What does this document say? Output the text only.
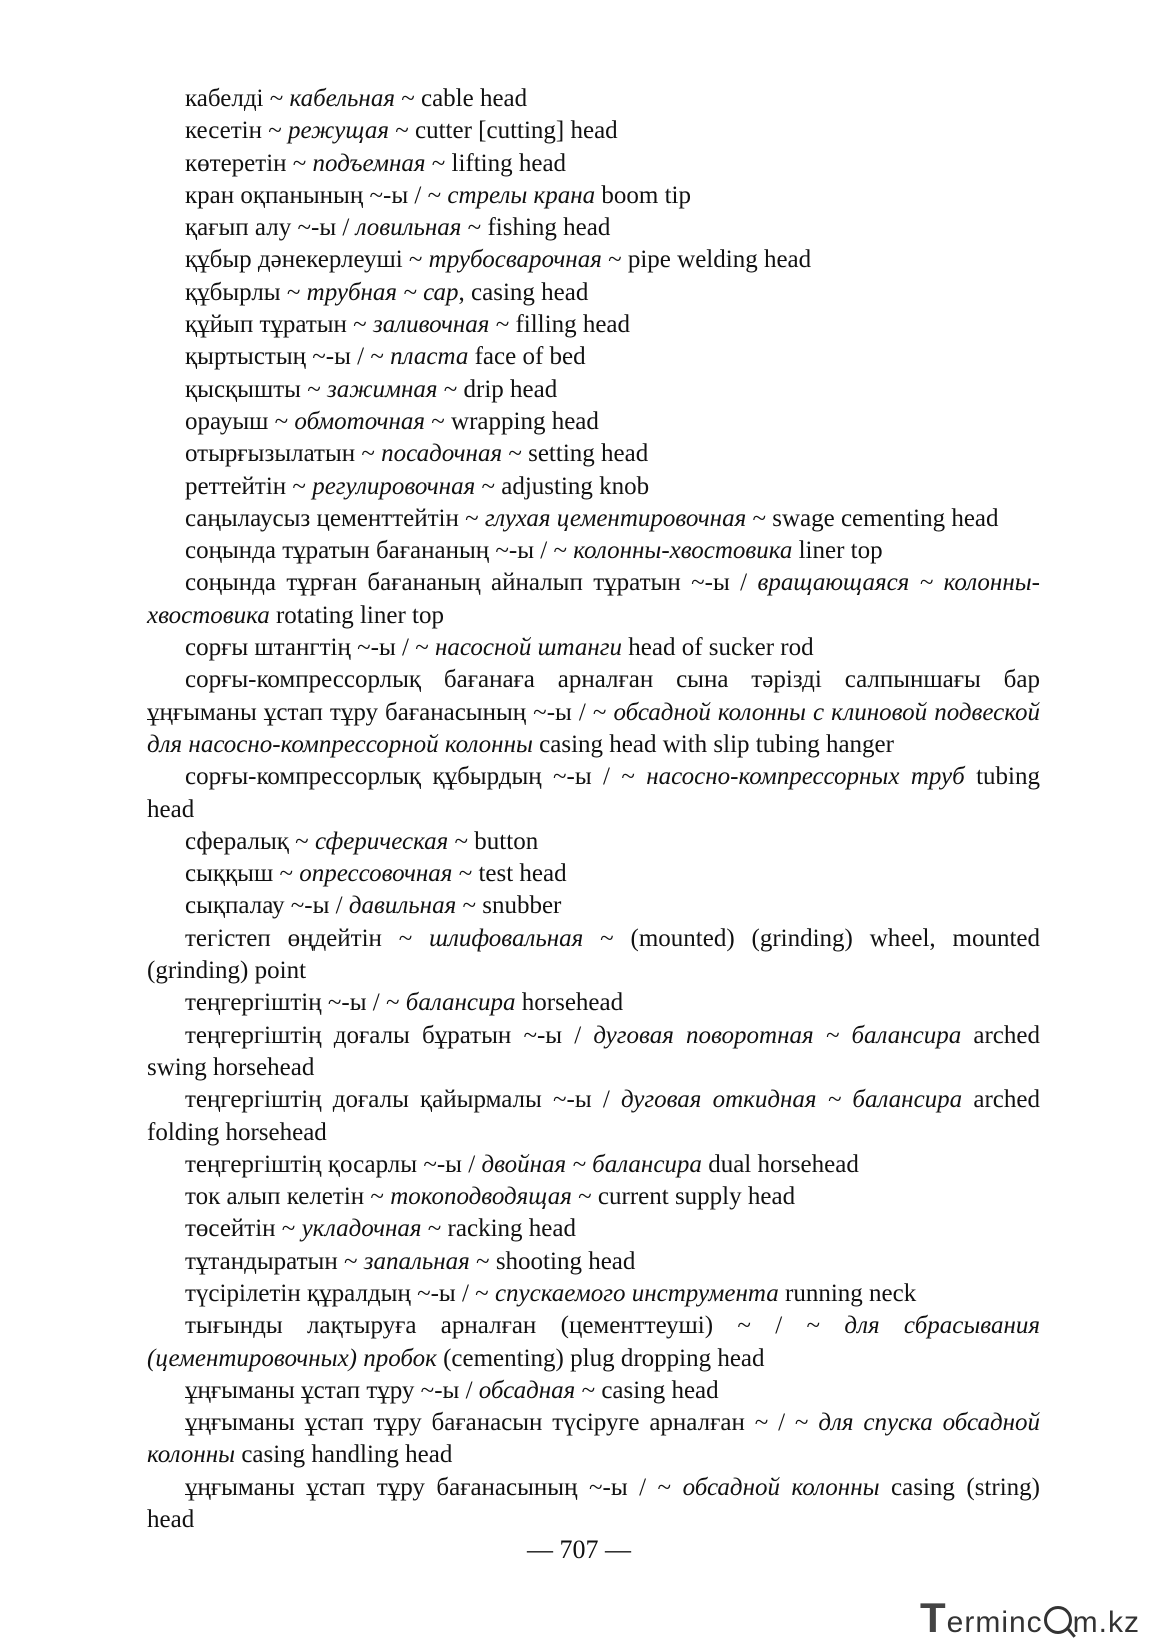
кабелді ~ кабельная ~ cable head

кесетін ~ режущая ~ cutter [cutting] head

көтеретін ~ подъемная ~ lifting head

кран оқпанының ~-ы / ~ стрелы крана boom tip

қағып алу ~-ы / ловильная ~ fishing head

құбыр дәнекерлеуші ~ трубосварочная ~ pipe welding head

құбырлы ~ трубная ~ сар, casing head

құйып тұратын ~ заливочная ~ filling head

қыртыстың ~-ы / ~ пласта face of bed

қысқышты ~ зажимная ~ drip head

орауыш ~ обмоточная ~ wrapping head

отырғызылатын ~ посадочная ~ setting head

реттейтін ~ регулировочная ~ adjusting knob

саңылаусыз цементтейтін ~ глухая цементировочная ~ swage cementing head

соңында тұратын бағананың ~-ы / ~ колонны-хвостовика liner top

соңында тұрған бағананың айналып тұратын ~-ы / вращающаяся ~ колонны-хвостовика rotating liner top

сорғы штангтің ~-ы / ~ насосной штанги head of sucker rod

сорғы-компрессорлық бағанаға арналған сына тәрізді салпыншағы бар ұңғыманы ұстап тұру бағанасының ~-ы / ~ обсадной колонны с клиновой подвеской для насосно-компрессорной колонны casing head with slip tubing hanger

сорғы-компрессорлық құбырдың ~-ы / ~ насосно-компрессорных труб tubing head

сфералық ~ сферическая ~ button

сыққыш ~ опрессовочная ~ test head

сықпалау ~-ы / давильная ~ snubber

тегістеп өңдейтін ~ шлифовальная ~ (mounted) (grinding) wheel, mounted (grinding) point

теңгергіштің ~-ы / ~ балансира horsehead

теңгергіштің доғалы бұратын ~-ы / дуговая поворотная ~ балансира arched swing horsehead

теңгергіштің доғалы қайырмалы ~-ы / дуговая откидная ~ балансира arched folding horsehead

теңгергіштің қосарлы ~-ы / двойная ~ балансира dual horsehead

ток алып келетін ~ токоподводящая ~ current supply head

төсейтін ~ укладочная ~ racking head

тұтандыратын ~ запальная ~ shooting head

түсірілетін құралдың ~-ы / ~ спускаемого инструмента running neck

тығынды лақтыруға арналған (цементтеуші) ~ / ~ для сбрасывания (цементировочных) пробок (cementing) plug dropping head

ұңғыманы ұстап тұру ~-ы / обсадная ~ casing head

ұңғыманы ұстап тұру бағанасын түсіруге арналған ~ / ~ для спуска обсадной колонны casing handling head

ұңғыманы ұстап тұру бағанасының ~-ы / ~ обсадной колонны casing (string) head

— 707 —
Terminc m.kz
